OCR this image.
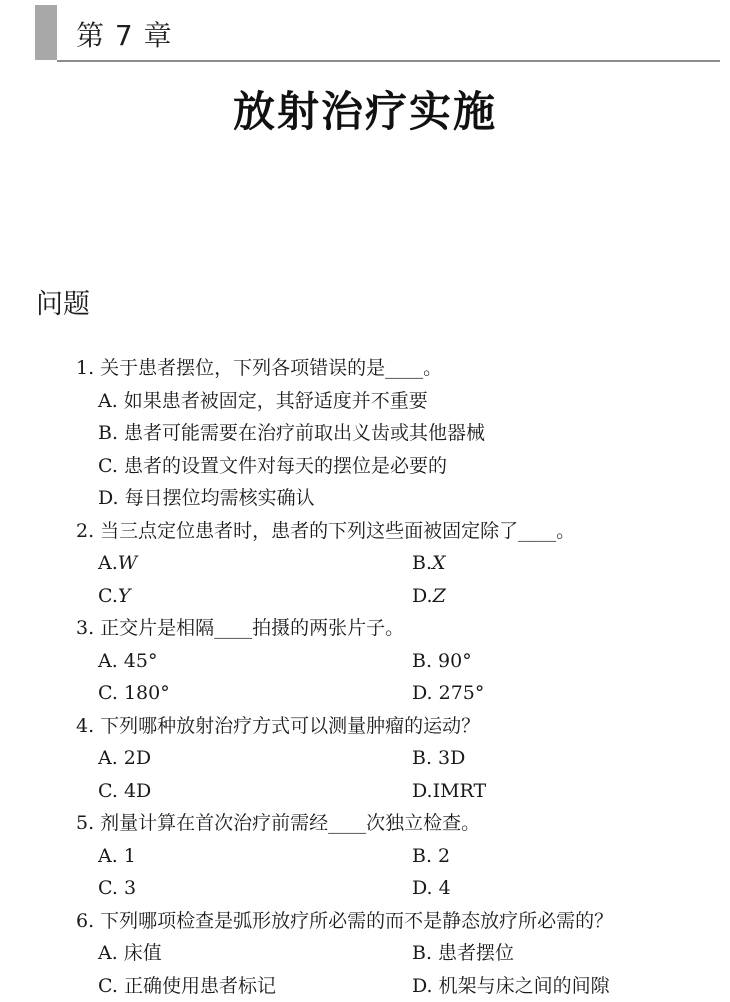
第 7 章
放射治疗实施
问题
1. 关于患者摆位，下列各项错误的是____。
A. 如果患者被固定，其舒适度并不重要
B. 患者可能需要在治疗前取出义齿或其他器械
C. 患者的设置文件对每天的摆位是必要的
D. 每日摆位均需核实确认
2. 当三点定位患者时，患者的下列这些面被固定除了____。
A.W	B.X
C.Y	D.Z
3. 正交片是相隔____拍摄的两张片子。
A. 45°	B. 90°
C. 180°	D. 275°
4. 下列哪种放射治疗方式可以测量肿瘤的运动？
A. 2D	B. 3D
C. 4D	D.IMRT
5. 剂量计算在首次治疗前需经____次独立检查。
A. 1	B. 2
C. 3	D. 4
6. 下列哪项检查是弧形放疗所必需的而不是静态放疗所必需的？
A. 床值	B. 患者摆位
C. 正确使用患者标记	D. 机架与床之间的间隙
